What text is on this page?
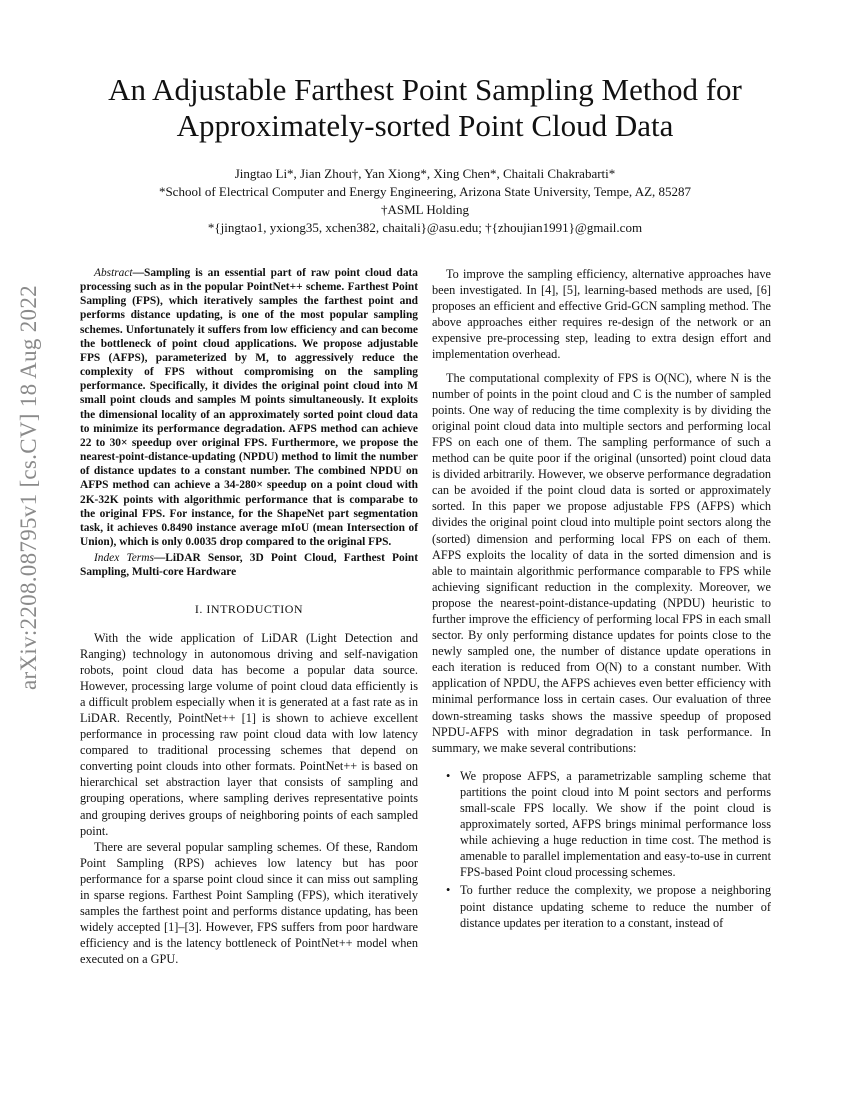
arXiv:2208.08795v1 [cs.CV] 18 Aug 2022
An Adjustable Farthest Point Sampling Method for
Approximately-sorted Point Cloud Data
Jingtao Li*, Jian Zhou†, Yan Xiong*, Xing Chen*, Chaitali Chakrabarti*
*School of Electrical Computer and Energy Engineering, Arizona State University, Tempe, AZ, 85287
†ASML Holding
*{jingtao1, yxiong35, xchen382, chaitali}@asu.edu; †{zhoujian1991}@gmail.com

Abstract—Sampling is an essential part of raw point cloud data processing such as in the popular PointNet++ scheme. Farthest Point Sampling (FPS), which iteratively samples the farthest point and performs distance updating, is one of the most popular sampling schemes. Unfortunately it suffers from low efficiency and can become the bottleneck of point cloud applications. We propose adjustable FPS (AFPS), parameterized by M, to aggressively reduce the complexity of FPS without compromising on the sampling performance. Specifically, it divides the original point cloud into M small point clouds and samples M points simultaneously. It exploits the dimensional locality of an approximately sorted point cloud data to minimize its performance degradation. AFPS method can achieve 22 to 30× speedup over original FPS. Furthermore, we propose the nearest-point-distance-updating (NPDU) method to limit the number of distance updates to a constant number. The combined NPDU on AFPS method can achieve a 34-280× speedup on a point cloud with 2K-32K points with algorithmic performance that is comparabe to the original FPS. For instance, for the ShapeNet part segmentation task, it achieves 0.8490 instance average mIoU (mean Intersection of Union), which is only 0.0035 drop compared to the original FPS.

Index Terms—LiDAR Sensor, 3D Point Cloud, Farthest Point Sampling, Multi-core Hardware

I. INTRODUCTION

With the wide application of LiDAR (Light Detection and Ranging) technology in autonomous driving and self-navigation robots, point cloud data has become a popular data source. However, processing large volume of point cloud data efficiently is a difficult problem especially when it is generated at a fast rate as in LiDAR. Recently, PointNet++ [1] is shown to achieve excellent performance in processing raw point cloud data with low latency compared to traditional processing schemes that depend on converting point clouds into other formats. PointNet++ is based on hierarchical set abstraction layer that consists of sampling and grouping operations, where sampling derives representative points and grouping derives groups of neighboring points of each sampled point.

There are several popular sampling schemes. Of these, Random Point Sampling (RPS) achieves low latency but has poor performance for a sparse point cloud since it can miss out sampling in sparse regions. Farthest Point Sampling (FPS), which iteratively samples the farthest point and performs distance updating, has been widely accepted [1]–[3]. However, FPS suffers from poor hardware efficiency and is the latency bottleneck of PointNet++ model when executed on a GPU.

To improve the sampling efficiency, alternative approaches have been investigated. In [4], [5], learning-based methods are used, [6] proposes an efficient and effective Grid-GCN sampling method. The above approaches either requires re-design of the network or an expensive pre-processing step, leading to extra design effort and implementation overhead.

The computational complexity of FPS is O(NC), where N is the number of points in the point cloud and C is the number of sampled points. One way of reducing the time complexity is by dividing the original point cloud data into multiple sectors and performing local FPS on each one of them. The sampling performance of such a method can be quite poor if the original (unsorted) point cloud data is divided arbitrarily. However, we observe performance degradation can be avoided if the point cloud data is sorted or approximately sorted. In this paper we propose adjustable FPS (AFPS) which divides the original point cloud into multiple point sectors along the (sorted) dimension and performing local FPS on each of them. AFPS exploits the locality of data in the sorted dimension and is able to maintain algorithmic performance comparable to FPS while achieving significant reduction in the complexity. Moreover, we propose the nearest-point-distance-updating (NPDU) heuristic to further improve the efficiency of performing local FPS in each small sector. By only performing distance updates for points close to the newly sampled one, the number of distance update operations in each iteration is reduced from O(N) to a constant number. With application of NPDU, the AFPS achieves even better efficiency with minimal performance loss in certain cases. Our evaluation of three down-streaming tasks shows the massive speedup of proposed NPDU-AFPS with minor degradation in task performance. In summary, we make several contributions:

• We propose AFPS, a parametrizable sampling scheme that partitions the point cloud into M point sectors and performs small-scale FPS locally. We show if the point cloud is approximately sorted, AFPS brings minimal performance loss while achieving a huge reduction in time cost. The method is amenable to parallel implementation and easy-to-use in current FPS-based Point cloud processing schemes.
• To further reduce the complexity, we propose a neighboring point distance updating scheme to reduce the number of distance updates per iteration to a constant, instead of
